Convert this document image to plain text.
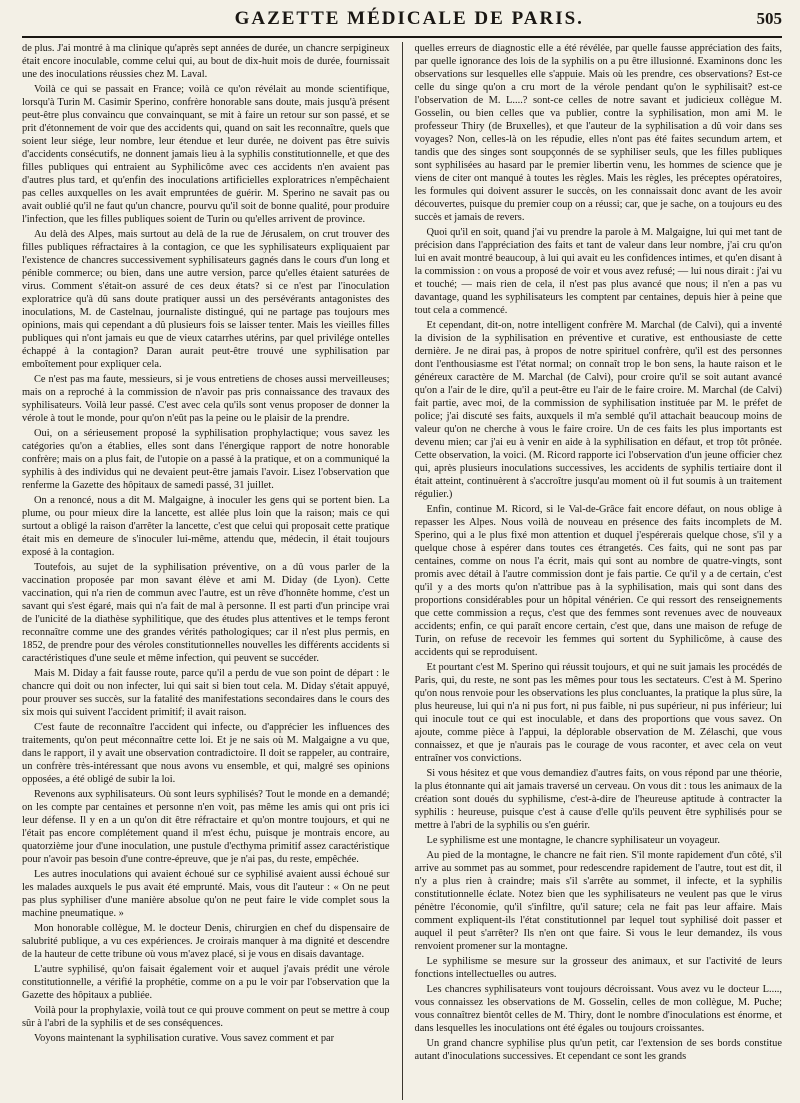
GAZETTE MÉDICALE DE PARIS.	505

de plus. J'ai montré à ma clinique qu'après sept années de durée, un chancre serpigineux était encore inoculable, comme celui qui, au bout de dix-huit mois de durée, fournissait une des inoculations réussies chez M. Laval.

Voilà ce qui se passait en France; voilà ce qu'on révélait au monde scientifique, lorsqu'à Turin M. Casimir Sperino, confrère honorable sans doute, mais jusqu'à présent peut-être plus convaincu que convainquant, se mit à faire un retour sur son passé, et se prit d'étonnement de voir que des accidents qui, quand on sait les reconnaître, quels que soient leur siége, leur nombre, leur étendue et leur durée, ne doivent pas être suivis d'accidents consécutifs, ne donnent jamais lieu à la syphilis constitutionnelle, et que des filles publiques qui entraient au Syphilicôme avec ces accidents n'en avaient pas d'autres plus tard, et qu'enfin des inoculations artificielles exploratrices n'empêchaient pas celles auxquelles on les avait empruntées de guérir. M. Sperino ne savait pas ou avait oublié qu'il ne faut qu'un chancre, pourvu qu'il soit de bonne qualité, pour produire l'infection, que les filles publiques soient de Turin ou qu'elles arrivent de province.

Au delà des Alpes, mais surtout au delà de la rue de Jérusalem, on crut trouver des filles publiques réfractaires à la contagion, ce que les syphilisateurs expliquaient par l'existence de chancres successivement syphilisateurs gagnés dans le cours d'un long et pénible commerce; ou bien, dans une autre version, parce qu'elles étaient saturées de virus. Comment s'était-on assuré de ces deux états? si ce n'est par l'inoculation exploratrice qu'à dû sans doute pratiquer aussi un des persévérants antagonistes des inoculations, M. de Castelnau, journaliste distingué, qui ne partage pas toujours mes opinions, mais qui cependant a dû plusieurs fois se laisser tenter. Mais les vieilles filles publiques qui n'ont jamais eu que de vieux catarrhes utérins, par quel privilége ontelles échappé à la contagion? Daran aurait peut-être trouvé une syphilisation par emboîtement pour expliquer cela.

Ce n'est pas ma faute, messieurs, si je vous entretiens de choses aussi merveilleuses; mais on a reproché à la commission de n'avoir pas pris connaissance des travaux des syphilisateurs. Voilà leur passé. C'est avec cela qu'ils sont venus proposer de donner la vérole à tout le monde, pour qu'on n'eût pas la peine ou le plaisir de la prendre.

Oui, on a sérieusement proposé la syphilisation prophylactique; vous savez les catégories qu'on a établies, elles sont dans l'énergique rapport de notre honorable confrère; mais on a plus fait, de l'utopie on a passé à la pratique, et on a communiqué la syphilis à des individus qui ne devaient peut-être jamais l'avoir. Lisez l'observation que renferme la Gazette des hôpitaux de samedi passé, 31 juillet.

On a renoncé, nous a dit M. Malgaigne, à inoculer les gens qui se portent bien. La plume, ou pour mieux dire la lancette, est allée plus loin que la raison; mais ce qui surtout a obligé la raison d'arrêter la lancette, c'est que celui qui proposait cette pratique était mis en demeure de s'inoculer lui-même, attendu que, médecin, il était toujours exposé à la contagion.

Toutefois, au sujet de la syphilisation préventive, on a dû vous parler de la vaccination proposée par mon savant élève et ami M. Diday (de Lyon). Cette vaccination, qui n'a rien de commun avec l'autre, est un rêve d'honnête homme, c'est un savant qui s'est égaré, mais qui n'a fait de mal à personne. Il est parti d'un principe vrai de l'unicité de la diathèse syphilitique, que des études plus attentives et le temps feront reconnaître comme une des grandes vérités pathologiques; car il n'est plus permis, en 1852, de prendre pour des véroles constitutionnelles nouvelles les différents accidents si caractéristiques d'une seule et même infection, qui peuvent se succéder.

Mais M. Diday a fait fausse route, parce qu'il a perdu de vue son point de départ : le chancre qui doit ou non infecter, lui qui sait si bien tout cela. M. Diday s'était appuyé, pour prouver ses succès, sur la fatalité des manifestations secondaires dans le cours des six mois qui suivent l'accident primitif; il avait raison.

C'est faute de reconnaître l'accident qui infecte, ou d'apprécier les influences des traitements, qu'on peut méconnaître cette loi. Et je ne sais où M. Malgaigne a vu que, dans le rapport, il y avait une observation contradictoire. Il doit se rappeler, au contraire, un confrère très-intéressant que nous avons vu ensemble, et qui, malgré ses opinions opposées, a été obligé de subir la loi.

Revenons aux syphilisateurs. Où sont leurs syphilisés? Tout le monde en a demandé; on les compte par centaines et personne n'en voit, pas même les amis qui ont pris ici leur défense. Il y en a un qu'on dit être réfractaire et qu'on montre toujours, et qui ne l'était pas encore complétement quand il m'est échu, puisque je montrais encore, au quatorzième jour d'une inoculation, une pustule d'ecthyma primitif assez caractéristique pour n'avoir pas besoin d'une contre-épreuve, que je n'ai pas, du reste, empêchée.

Les autres inoculations qui avaient échoué sur ce syphilisé avaient aussi échoué sur les malades auxquels le pus avait été emprunté. Mais, vous dit l'auteur : « On ne peut pas plus syphiliser d'une manière absolue qu'on ne peut faire le vide complet sous la machine pneumatique. »

Mon honorable collègue, M. le docteur Denis, chirurgien en chef du dispensaire de salubrité publique, a vu ces expériences. Je croirais manquer à ma dignité et descendre de la hauteur de cette tribune où vous m'avez placé, si je vous en disais davantage.

L'autre syphilisé, qu'on faisait également voir et auquel j'avais prédit une vérole constitutionnelle, a vérifié la prophétie, comme on a pu le voir par l'observation que la Gazette des hôpitaux a publiée.

Voilà pour la prophylaxie, voilà tout ce qui prouve comment on peut se mettre à coup sûr à l'abri de la syphilis et de ses conséquences.

Voyons maintenant la syphilisation curative. Vous savez comment et par

quelles erreurs de diagnostic elle a été révélée, par quelle fausse appréciation des faits, par quelle ignorance des lois de la syphilis on a pu être illusionné. Examinons donc les observations sur lesquelles elle s'appuie. Mais où les prendre, ces observations? Est-ce celle du singe qu'on a cru mort de la vérole pendant qu'on le syphilisait? est-ce l'observation de M. L....? sont-ce celles de notre savant et judicieux collègue M. Gosselin, ou bien celles que va publier, contre la syphilisation, mon ami M. le professeur Thiry (de Bruxelles), et que l'auteur de la syphilisation a dû voir dans ses voyages? Non, celles-là on les répudie, elles n'ont pas été faites secundum artem, et tandis que des singes sont soupçonnés de se syphiliser seuls, que les filles publiques sont syphilisées au hasard par le premier libertin venu, les hommes de science que je viens de citer ont manqué à toutes les règles. Mais les règles, les préceptes opératoires, les formules qui doivent assurer le succès, on les connaissait donc avant de les avoir découvertes, puisque du premier coup on a réussi; car, que je sache, on a toujours eu des succès et jamais de revers.

Quoi qu'il en soit, quand j'ai vu prendre la parole à M. Malgaigne, lui qui met tant de précision dans l'appréciation des faits et tant de valeur dans leur nombre, j'ai cru qu'on lui en avait montré beaucoup, à lui qui avait eu les confidences intimes, et qu'en disant à la commission : on vous a proposé de voir et vous avez refusé; — lui nous dirait : j'ai vu et touché; — mais rien de cela, il n'est pas plus avancé que nous; il n'en a pas vu davantage, quand les syphilisateurs les comptent par centaines, depuis hier à peine que tout cela a commencé.

Et cependant, dit-on, notre intelligent confrère M. Marchal (de Calvi), qui a inventé la division de la syphilisation en préventive et curative, est enthousiaste de cette dernière. Je ne dirai pas, à propos de notre spirituel confrère, qu'il est des personnes dont l'enthousiasme est l'état normal; on connaît trop le bon sens, la haute raison et le généreux caractère de M. Marchal (de Calvi), pour croire qu'il se soit autant avancé qu'on a l'air de le dire, qu'il a peut-être eu l'air de le faire croire. M. Marchal (de Calvi) fait partie, avec moi, de la commission de syphilisation instituée par M. le préfet de police; j'ai discuté ses faits, auxquels il m'a semblé qu'il attachait beaucoup moins de valeur qu'on ne cherche à vous le faire croire. Un de ces faits les plus importants est devenu mien; car j'ai eu à venir en aide à la syphilisation en défaut, et trop tôt prônée. Cette observation, la voici. (M. Ricord rapporte ici l'observation d'un jeune officier chez qui, après plusieurs inoculations successives, les accidents de syphilis tertiaire dont il était atteint, continuèrent à s'accroître jusqu'au moment où il fut soumis à un traitement régulier.)

Enfin, continue M. Ricord, si le Val-de-Grâce fait encore défaut, on nous oblige à repasser les Alpes. Nous voilà de nouveau en présence des faits incomplets de M. Sperino, qui a le plus fixé mon attention et duquel j'espérerais quelque chose, s'il y a quelque chose à espérer dans toutes ces étrangetés. Ces faits, qui ne sont pas par centaines, comme on nous l'a écrit, mais qui sont au nombre de quatre-vingts, sont promis avec détail à l'autre commission dont je fais partie. Ce qu'il y a de certain, c'est qu'il y a des morts qu'on n'attribue pas à la syphilisation, mais qui sont dans des proportions considérables pour un hôpital vénérien. Ce qui ressort des renseignements que cette commission a reçus, c'est que des femmes sont revenues avec de nouveaux accidents; enfin, ce qui paraît encore certain, c'est que, dans une maison de refuge de Turin, on refuse de recevoir les femmes qui sortent du Syphilicôme, à cause des accidents qui se reproduisent.

Et pourtant c'est M. Sperino qui réussit toujours, et qui ne suit jamais les procédés de Paris, qui, du reste, ne sont pas les mêmes pour tous les sectateurs. C'est à M. Sperino qu'on nous renvoie pour les observations les plus concluantes, la pratique la plus sûre, la plus heureuse, lui qui n'a ni pus fort, ni pus faible, ni pus supérieur, ni pus inférieur; lui qui inocule tout ce qui est inoculable, et dans des proportions que vous savez. On ajoute, comme pièce à l'appui, la déplorable observation de M. Zélaschi, que vous connaissez, et que je n'aurais pas le courage de vous raconter, et avec cela on veut entraîner vos convictions.

Si vous hésitez et que vous demandiez d'autres faits, on vous répond par une théorie, la plus étonnante qui ait jamais traversé un cerveau. On vous dit : tous les animaux de la création sont doués du syphilisme, c'est-à-dire de l'heureuse aptitude à contracter la syphilis : heureuse, puisque c'est à cause d'elle qu'ils peuvent être syphilisés pour se mettre à l'abri de la syphilis ou s'en guérir.

Le syphilisme est une montagne, le chancre syphilisateur un voyageur.

Au pied de la montagne, le chancre ne fait rien. S'il monte rapidement d'un côté, s'il arrive au sommet pas au sommet, pour redescendre rapidement de l'autre, tout est dit, il n'y a plus rien à craindre; mais s'il s'arrête au sommet, il infecte, et la syphilis constitutionnelle éclate. Notez bien que les syphilisateurs ne veulent pas que le virus pénètre l'économie, qu'il s'infiltre, qu'il sature; cela ne fait pas leur affaire. Mais comment expliquent-ils l'état constitutionnel par lequel tout syphilisé doit passer et auquel il peut s'arrêter? Ils n'en ont que faire. Si vous le leur demandez, ils vous renvoient promener sur la montagne.

Le syphilisme se mesure sur la grosseur des animaux, et sur l'activité de leurs fonctions intellectuelles ou autres.

Les chancres syphilisateurs vont toujours décroissant. Vous avez vu le docteur L...., vous connaissez les observations de M. Gosselin, celles de mon collègue, M. Puche; vous connaîtrez bientôt celles de M. Thiry, dont le nombre d'inoculations est énorme, et dans lesquelles les inoculations ont été égales ou toujours croissantes.

Un grand chancre syphilise plus qu'un petit, car l'extension de ses bords constitue autant d'inoculations successives. Et cependant ce sont les grands
